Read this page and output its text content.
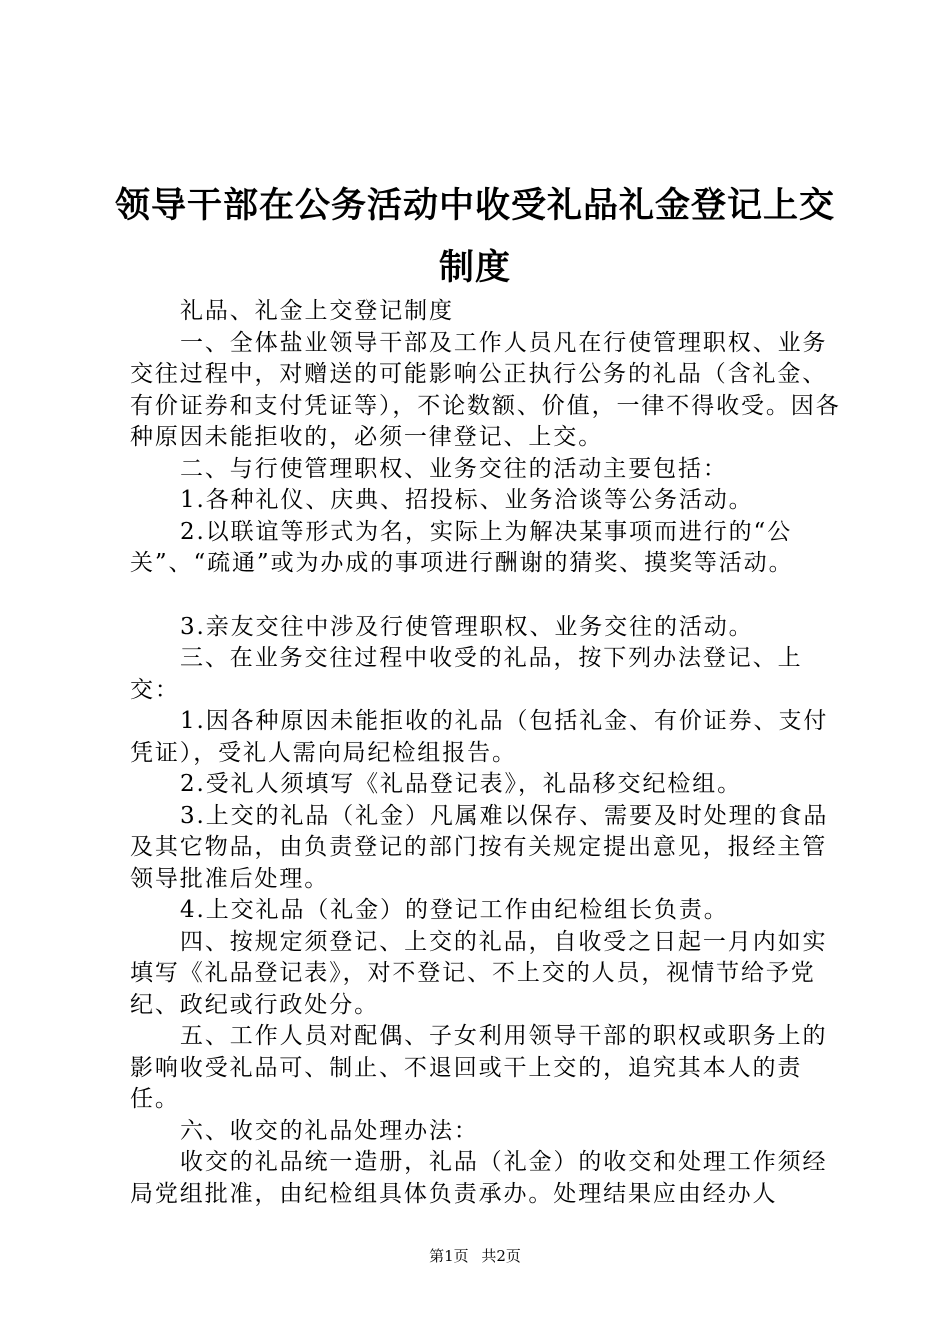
领导干部在公务活动中收受礼品礼金登记上交
制度

礼品、礼金上交登记制度

一、全体盐业领导干部及工作人员凡在行使管理职权、业务交往过程中，对赠送的可能影响公正执行公务的礼品（含礼金、有价证券和支付凭证等），不论数额、价值，一律不得收受。因各种原因未能拒收的，必须一律登记、上交。

二、与行使管理职权、业务交往的活动主要包括：

1.各种礼仪、庆典、招投标、业务洽谈等公务活动。

2.以联谊等形式为名，实际上为解决某事项而进行的“公关”、“疏通”或为办成的事项进行酬谢的猜奖、摸奖等活动。

3.亲友交往中涉及行使管理职权、业务交往的活动。

三、在业务交往过程中收受的礼品，按下列办法登记、上交：

1.因各种原因未能拒收的礼品（包括礼金、有价证券、支付凭证），受礼人需向局纪检组报告。

2.受礼人须填写《礼品登记表》，礼品移交纪检组。

3.上交的礼品（礼金）凡属难以保存、需要及时处理的食品及其它物品，由负责登记的部门按有关规定提出意见，报经主管领导批准后处理。

4.上交礼品（礼金）的登记工作由纪检组长负责。

四、按规定须登记、上交的礼品，自收受之日起一月内如实填写《礼品登记表》，对不登记、不上交的人员，视情节给予党纪、政纪或行政处分。

五、工作人员对配偶、子女利用领导干部的职权或职务上的影响收受礼品可、制止、不退回或干上交的，追究其本人的责任。

六、收交的礼品处理办法：

收交的礼品统一造册，礼品（礼金）的收交和处理工作须经局党组批准，由纪检组具体负责承办。处理结果应由经办人

第1页 共2页
